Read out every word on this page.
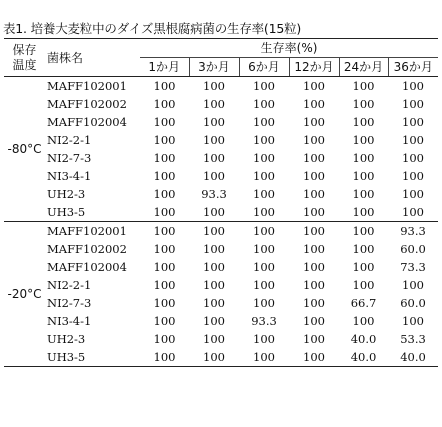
表1. 培養大麦粒中のダイズ黒根腐病菌の生存率(15粒)
保存
温度	菌株名	生存率(%)					
		1か月	3か月	6か月	12か月	24か月	36か月
-80°C	MAFF102001	100	100	100	100	100	100
	MAFF102002	100	100	100	100	100	100
	MAFF102004	100	100	100	100	100	100
	NI2-2-1	100	100	100	100	100	100
	NI2-7-3	100	100	100	100	100	100
	NI3-4-1	100	100	100	100	100	100
	UH2-3	100	93.3	100	100	100	100
	UH3-5	100	100	100	100	100	100
-20°C	MAFF102001	100	100	100	100	100	93.3
	MAFF102002	100	100	100	100	100	60.0
	MAFF102004	100	100	100	100	100	73.3
	NI2-2-1	100	100	100	100	100	100
	NI2-7-3	100	100	100	100	66.7	60.0
	NI3-4-1	100	100	93.3	100	100	100
	UH2-3	100	100	100	100	40.0	53.3
	UH3-5	100	100	100	100	40.0	40.0
